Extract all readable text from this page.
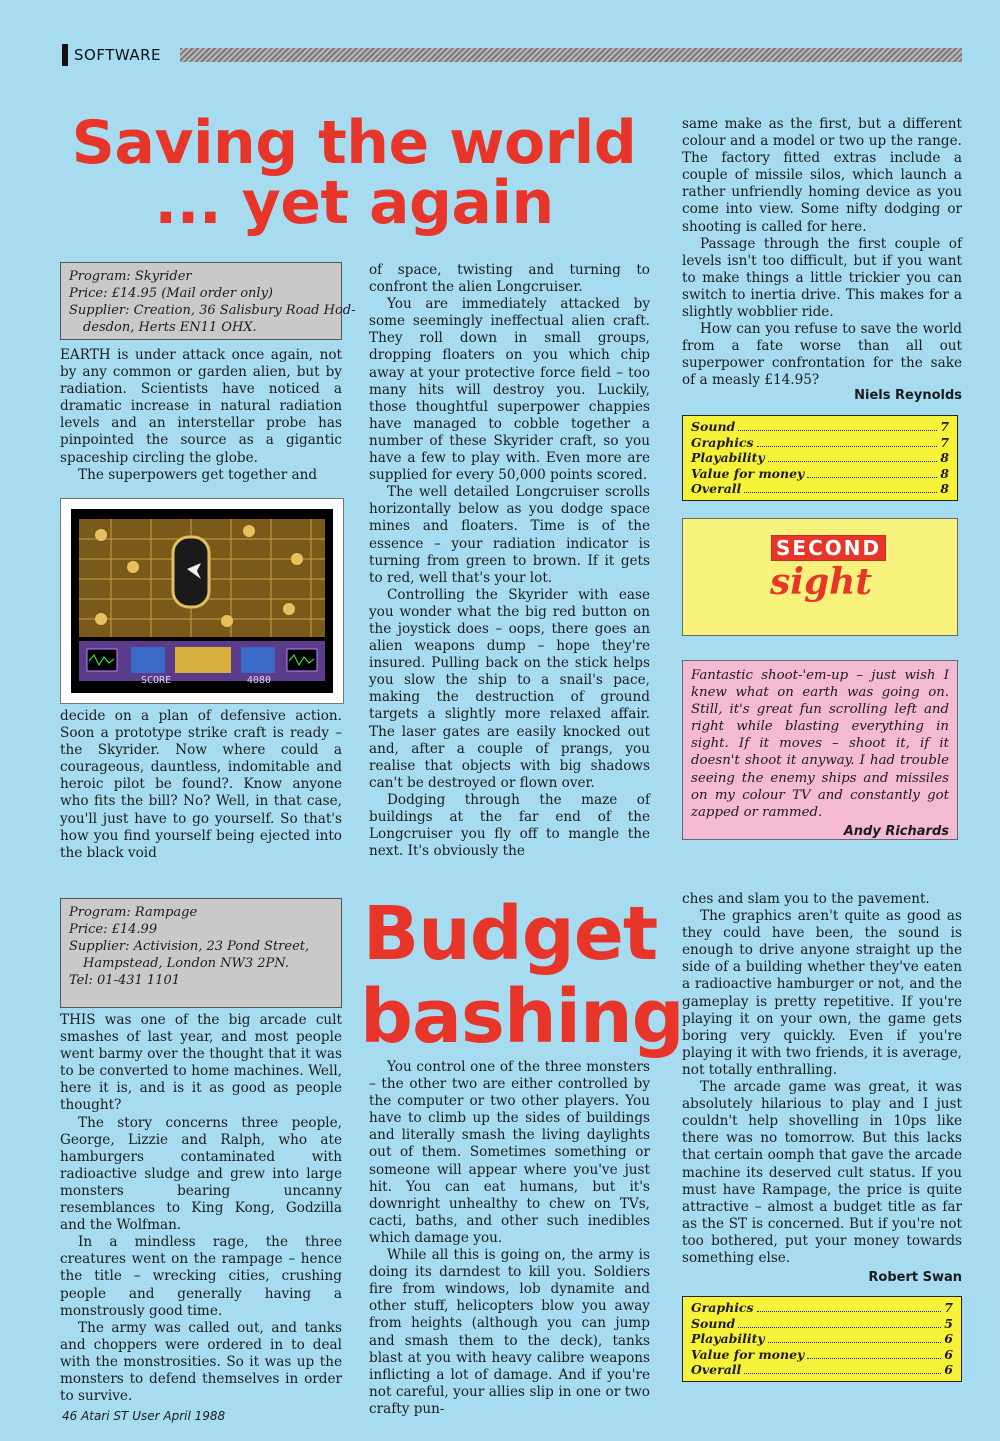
SOFTWARE
Saving the world
... yet again
Program: Skyrider
Price: £14.95 (Mail order only)
Supplier: Creation, 36 Salisbury Road Hod-
desdon, Herts EN11 OHX.

EARTH is under attack once again, not by any common or garden alien, but by radiation. Scientists have noticed a dramatic increase in natural radiation levels and an interstellar probe has pinpointed the source as a gigantic spaceship circling the globe.

The superpowers get together and

SCORE	4080

decide on a plan of defensive action. Soon a prototype strike craft is ready – the Skyrider. Now where could a courageous, dauntless, indomitable and heroic pilot be found?. Know anyone who fits the bill? No? Well, in that case, you'll just have to go yourself. So that's how you find yourself being ejected into the black void

of space, twisting and turning to confront the alien Longcruiser.

You are immediately attacked by some seemingly ineffectual alien craft. They roll down in small groups, dropping floaters on you which chip away at your protective force field – too many hits will destroy you. Luckily, those thoughtful superpower chappies have managed to cobble together a number of these Skyrider craft, so you have a few to play with. Even more are supplied for every 50,000 points scored.

The well detailed Longcruiser scrolls horizontally below as you dodge space mines and floaters. Time is of the essence – your radiation indicator is turning from green to brown. If it gets to red, well that's your lot.

Controlling the Skyrider with ease you wonder what the big red button on the joystick does – oops, there goes an alien weapons dump – hope they're insured. Pulling back on the stick helps you slow the ship to a snail's pace, making the destruction of ground targets a slightly more relaxed affair. The laser gates are easily knocked out and, after a couple of prangs, you realise that objects with big shadows can't be destroyed or flown over.

Dodging through the maze of buildings at the far end of the Longcruiser you fly off to mangle the next. It's obviously the

same make as the first, but a different colour and a model or two up the range. The factory fitted extras include a couple of missile silos, which launch a rather unfriendly homing device as you come into view. Some nifty dodging or shooting is called for here.

Passage through the first couple of levels isn't too difficult, but if you want to make things a little trickier you can switch to inertia drive. This makes for a slightly wobblier ride.

How can you refuse to save the world from a fate worse than all out superpower confrontation for the sake of a measly £14.95?

Niels Reynolds
Sound	7
Graphics	7
Playability	8
Value for money	8
Overall	8
SECOND
sight
Fantastic shoot-'em-up – just wish I knew what on earth was going on. Still, it's great fun scrolling left and right while blasting everything in sight. If it moves – shoot it, if it doesn't shoot it anyway. I had trouble seeing the enemy ships and missiles on my colour TV and constantly got zapped or rammed.
Andy Richards
Program: Rampage
Price: £14.99
Supplier: Activision, 23 Pond Street,
Hampstead, London NW3 2PN.
Tel: 01-431 1101
Budget
bashing

THIS was one of the big arcade cult smashes of last year, and most people went barmy over the thought that it was to be converted to home machines. Well, here it is, and is it as good as people thought?

The story concerns three people, George, Lizzie and Ralph, who ate hamburgers contaminated with radioactive sludge and grew into large monsters bearing uncanny resemblances to King Kong, Godzilla and the Wolfman.

In a mindless rage, the three creatures went on the rampage – hence the title – wrecking cities, crushing people and generally having a monstrously good time.

The army was called out, and tanks and choppers were ordered in to deal with the monstrosities. So it was up the monsters to defend themselves in order to survive.

You control one of the three monsters – the other two are either controlled by the computer or two other players. You have to climb up the sides of buildings and literally smash the living daylights out of them. Sometimes something or someone will appear where you've just hit. You can eat humans, but it's downright unhealthy to chew on TVs, cacti, baths, and other such inedibles which damage you.

While all this is going on, the army is doing its darndest to kill you. Soldiers fire from windows, lob dynamite and other stuff, helicopters blow you away from heights (although you can jump and smash them to the deck), tanks blast at you with heavy calibre weapons inflicting a lot of damage. And if you're not careful, your allies slip in one or two crafty pun-

ches and slam you to the pavement.

The graphics aren't quite as good as they could have been, the sound is enough to drive anyone straight up the side of a building whether they've eaten a radioactive hamburger or not, and the gameplay is pretty repetitive. If you're playing it on your own, the game gets boring very quickly. Even if you're playing it with two friends, it is average, not totally enthralling.

The arcade game was great, it was absolutely hilarious to play and I just couldn't help shovelling in 10ps like there was no tomorrow. But this lacks that certain oomph that gave the arcade machine its deserved cult status. If you must have Rampage, the price is quite attractive – almost a budget title as far as the ST is concerned. But if you're not too bothered, put your money towards something else.

Robert Swan
Graphics	7
Sound	5
Playability	6
Value for money	6
Overall	6
46 Atari ST User April 1988
